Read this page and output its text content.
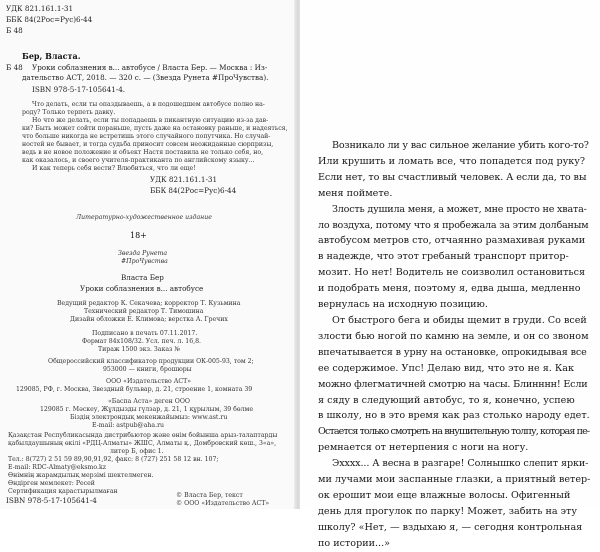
УДК 821.161.1-31
ББК 84(2Рос=Рус)6-44
Б 48
Бер, Власта.
Б 48 Уроки соблазнения в... автобусе / Власта Бер. — Москва : Из-
дательство АСТ, 2018. — 320 с. — (Звезда Рунета #ПроЧувства).
ISBN 978-5-17-105641-4.
Что делать, если ты опаздываешь, а в подошедшем автобусе полно на-
роду? Только терпеть давку.
Но что же делать, если ты попадаешь в пикантную ситуацию из-за дав-
ки? Быть может сойти пораньше, пусть даже на остановку раньше, и надеяться,
что больше никогда не встретишь этого случайного попутчика. Но случай-
ностей не бывает, и тогда судьба приносит совсем неожиданные сюрпризы,
ведь в не новое положение и объект Настя поставила не только себя, но,
как оказалось, и своего учителя-практиканта по английскому языку...
И как теперь себя вести? Влюбиться, что ли еще!
УДК 821.161.1-31
ББК 84(2Рос=Рус)6-44
Литературно-художественное издание
18+
Звезда Рунета
#ПроЧувства
Власта Бер
Уроки соблазнения в... автобусе
Ведущий редактор К. Секачева; корректор Т. Кузьмина
Технический редактор Т. Тимошина
Дизайн обложки Е. Климова; верстка А. Гречих
Подписано в печать 07.11.2017.
Формат 84х108/32. Усл. печ. л. 16,8.
Тираж 1500 экз. Заказ №
Общероссийский классификатор продукции ОК-005-93, том 2;
953000 — книги, брошюры
ООО «Издательство АСТ»
129085, РФ, г. Москва, Звездный бульвар, д. 21, строение 1, комната 39
«Баспа Аста» деген ООО
129085 г. Мәскеу, Жұлдызды гүлзар, д. 21, 1 құрылым, 39 бөлме
Біздің электрондық мекенжайымыз: www.ast.ru
E-mail: astpub@aha.ru
Қазақстан Республикасында дистрибьютор және өнім бойынша арыз-талаптарды
қабылдаушының өкілі «РДЦ-Алматы» ЖШС, Алматы қ., Домбровский көш., 3«а»,
литер Б, офис 1.
Тел.: 8(727) 2 51 59 89,90,91,92, факс: 8 (727) 251 58 12 вн. 107;
E-mail: RDC-Almaty@eksmo.kz
Өнімнің жарамдылық мерзімі шектелмеген.
Өндірген мемлекет: Ресей
Сертификация қарастырылмаған
ISBN 978-5-17-105641-4
© Власта Бер, текст
© ООО «Издательство АСТ»
Возникало ли у вас сильное желание убить кого-то?
Или крушить и ломать все, что попадется под руку?
Если нет, то вы счастливый человек. А если да, то вы
меня поймете.
Злость душила меня, а может, мне просто не хвата-
ло воздуха, потому что я пробежала за этим долбаным
автобусом метров сто, отчаянно размахивая руками
в надежде, что этот гребаный транспорт притор-
мозит. Но нет! Водитель не соизволил остановиться
и подобрать меня, поэтому я, едва дыша, медленно
вернулась на исходную позицию.
От быстрого бега и обиды щемит в груди. Со всей
злости бью ногой по камню на земле, и он со звоном
впечатывается в урну на остановке, опрокидывая все
ее содержимое. Упс! Делаю вид, что это не я. Как
можно флегматичней смотрю на часы. Блинннн! Если
я сяду в следующий автобус, то я, конечно, успею
в школу, но в это время как раз столько народу едет.
Остается только смотреть на внушительную толпу, которая пе-
ремнается от нетерпения с ноги на ногу.
Эхххх... А весна в разгаре! Солнышко слепит ярки-
ми лучами мои заспанные глазки, а приятный ветер-
ок ерошит мои еще влажные волосы. Офигенный
день для прогулок по парку! Может, забить на эту
школу? «Нет, — вздыхаю я, — сегодня контрольная
по истории...»
